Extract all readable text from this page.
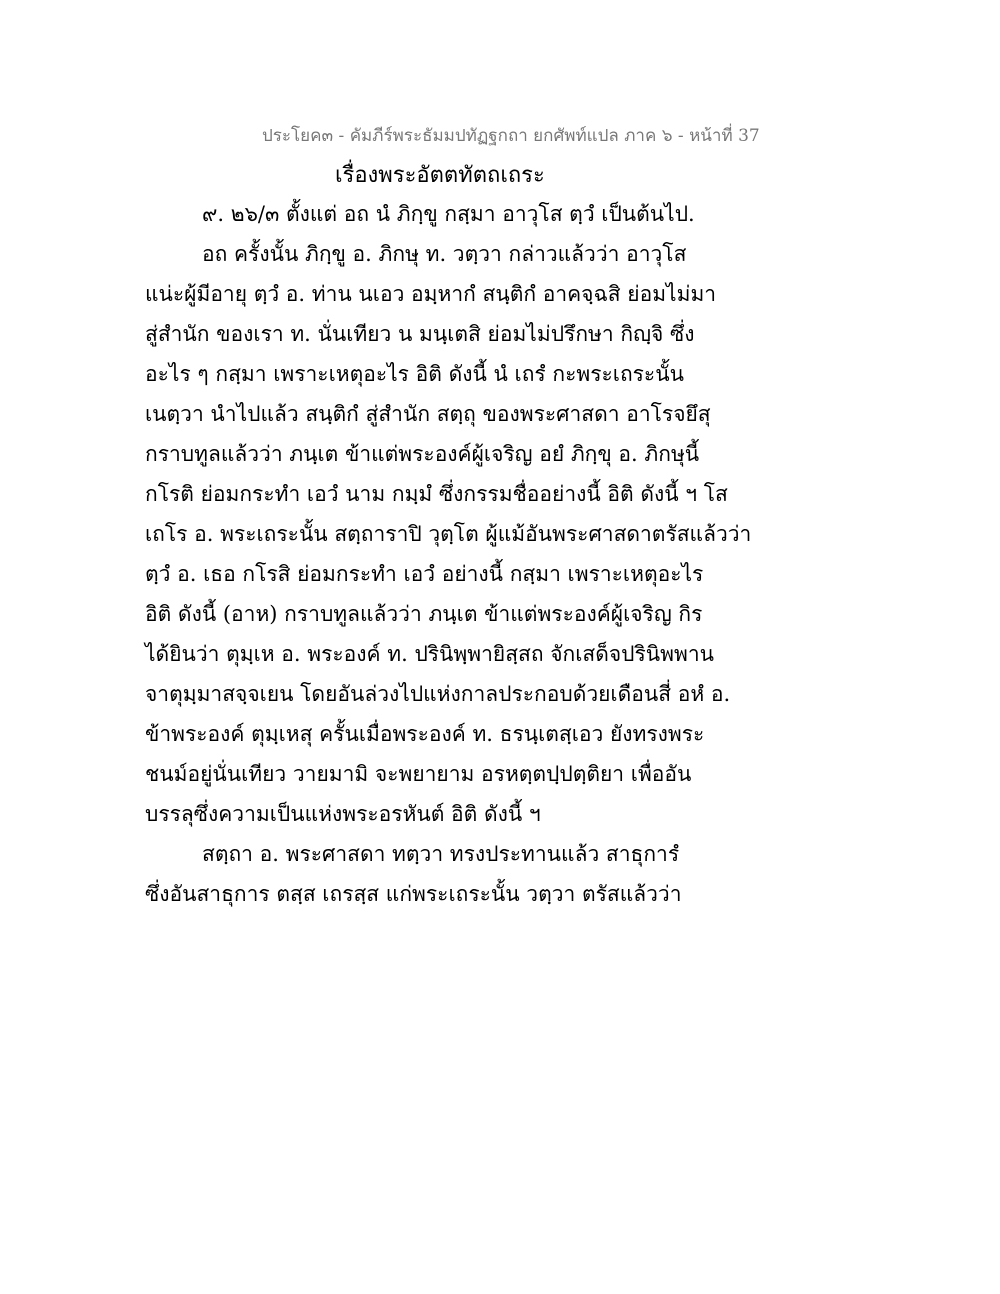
ประโยค๓ - คัมภีร์พระธัมมปทัฏฐกถา ยกศัพท์แปล ภาค ๖ - หน้าที่ 37
เรื่องพระอัตตทัตถเถระ
๙. ๒๖/๓ ตั้งแต่ อถ นํ ภิกฺขู กสฺมา อาวุโส ตฺวํ เป็นต้นไป.
อถ ครั้งนั้น ภิกฺขู อ. ภิกษุ ท. วตฺวา กล่าวแล้วว่า อาวุโส
แน่ะผู้มีอายุ ตฺวํ อ. ท่าน นเอว อมฺหากํ สนฺติกํ อาคจฺฉสิ ย่อมไม่มา
สู่สำนัก ของเรา ท. นั่นเทียว น มนฺเตสิ ย่อมไม่ปรึกษา กิญฺจิ ซึ่ง
อะไร ๆ กสฺมา เพราะเหตุอะไร อิติ ดังนี้ นํ เถรํ กะพระเถระนั้น
เนตฺวา นำไปแล้ว สนฺติกํ สู่สำนัก สตฺถุ ของพระศาสดา อาโรจยึสุ
กราบทูลแล้วว่า ภนฺเต ข้าแต่พระองค์ผู้เจริญ อยํ ภิกฺขุ อ. ภิกษุนี้
กโรติ ย่อมกระทำ เอวํ นาม กมฺมํ ซึ่งกรรมชื่ออย่างนี้ อิติ ดังนี้ ฯ โส
เถโร อ. พระเถระนั้น สตฺถาราปิ วุตฺโต ผู้แม้อันพระศาสดาตรัสแล้วว่า
ตฺวํ อ. เธอ กโรสิ ย่อมกระทำ เอวํ อย่างนี้ กสฺมา เพราะเหตุอะไร
อิติ ดังนี้ (อาห) กราบทูลแล้วว่า ภนฺเต ข้าแต่พระองค์ผู้เจริญ กิร
ได้ยินว่า ตุมฺเห อ. พระองค์ ท. ปรินิพฺพายิสฺสถ จักเสด็จปรินิพพาน
จาตุมฺมาสจฺจเยน โดยอันล่วงไปแห่งกาลประกอบด้วยเดือนสี่ อหํ อ.
ข้าพระองค์ ตุมฺเหสุ ครั้นเมื่อพระองค์ ท. ธรนฺเตสฺเอว ยังทรงพระ
ชนม์อยู่นั่นเทียว วายมามิ จะพยายาม อรหตฺตปฺปตฺติยา เพื่ออัน
บรรลุซึ่งความเป็นแห่งพระอรหันต์ อิติ ดังนี้ ฯ
สตฺถา อ. พระศาสดา ทตฺวา ทรงประทานแล้ว สาธุการํ
ซึ่งอันสาธุการ ตสฺส เถรสฺส แก่พระเถระนั้น วตฺวา ตรัสแล้วว่า
